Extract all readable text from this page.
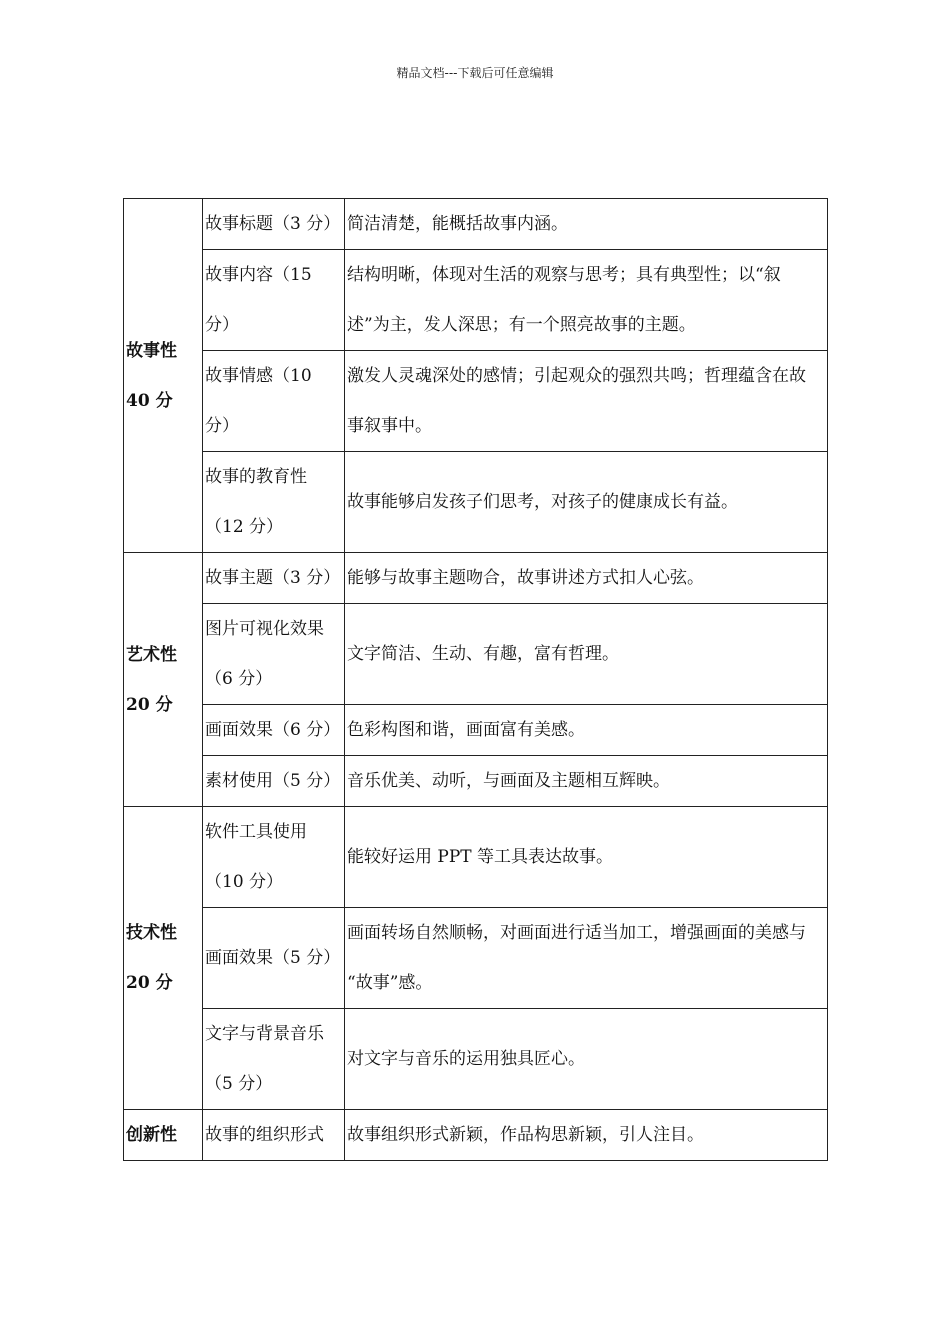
精品文档---下载后可任意编辑
故事性
40 分	故事标题（3 分）	简洁清楚，能概括故事内涵。

	故事内容（15
分）	结构明晰，体现对生活的观察与思考；具有典型性；以“叙
述”为主，发人深思；有一个照亮故事的主题。

	故事情感（10
分）	激发人灵魂深处的感情；引起观众的强烈共鸣；哲理蕴含在故
事叙事中。

	故事的教育性
（12 分）	故事能够启发孩子们思考，对孩子的健康成长有益。

艺术性
20 分	故事主题（3 分）	能够与故事主题吻合，故事讲述方式扣人心弦。

	图片可视化效果
（6 分）	文字简洁、生动、有趣，富有哲理。

	画面效果（6 分）	色彩构图和谐，画面富有美感。

	素材使用（5 分）	音乐优美、动听，与画面及主题相互辉映。

技术性
20 分	软件工具使用
（10 分）	能较好运用 PPT 等工具表达故事。

	画面效果（5 分）	画面转场自然顺畅，对画面进行适当加工，增强画面的美感与
“故事”感。

	文字与背景音乐
（5 分）	对文字与音乐的运用独具匠心。

创新性	故事的组织形式	故事组织形式新颖，作品构思新颖，引人注目。
